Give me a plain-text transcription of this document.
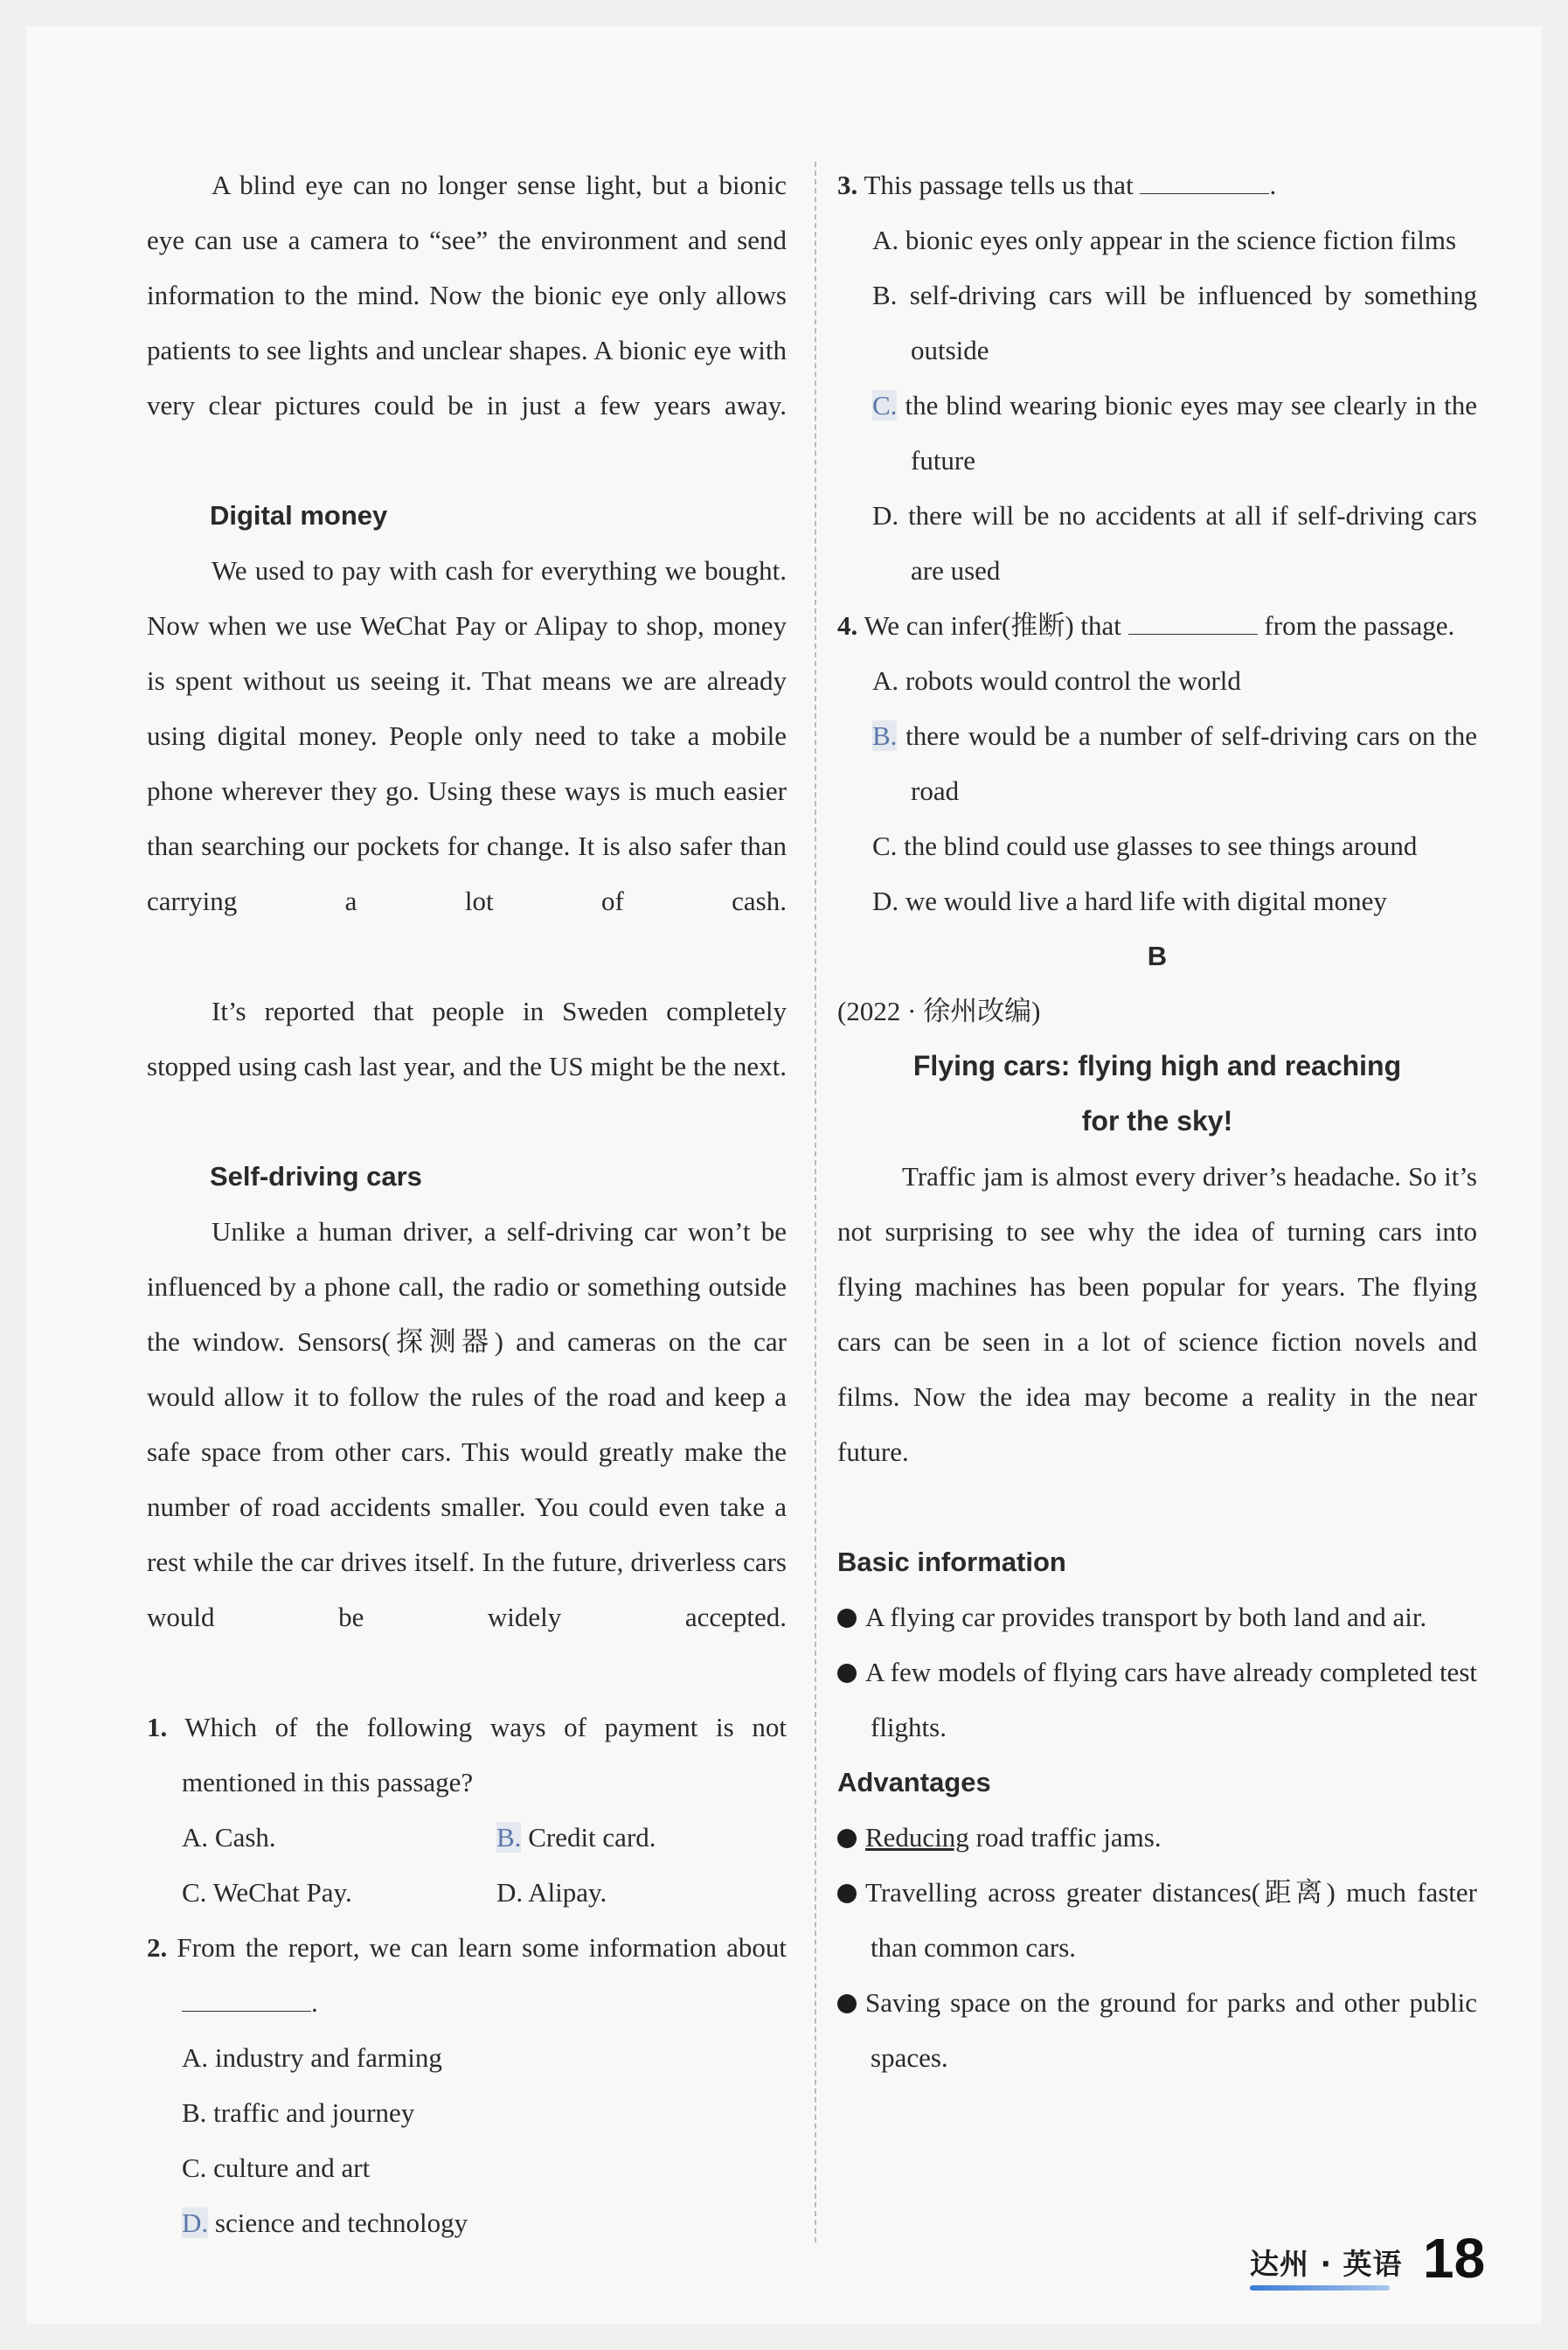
A blind eye can no longer sense light, but a bionic eye can use a camera to “see” the environment and send information to the mind. Now the bionic eye only allows patients to see lights and unclear shapes. A bionic eye with very clear pictures could be in just a few years away.

Digital money

We used to pay with cash for everything we bought. Now when we use WeChat Pay or Alipay to shop, money is spent without us seeing it. That means we are already using digital money. People only need to take a mobile phone wherever they go. Using these ways is much easier than searching our pockets for change. It is also safer than carrying a lot of cash.

It’s reported that people in Sweden completely stopped using cash last year, and the US might be the next.

Self-driving cars

Unlike a human driver, a self-driving car won’t be influenced by a phone call, the radio or something outside the window. Sensors(探测器) and cameras on the car would allow it to follow the rules of the road and keep a safe space from other cars. This would greatly make the number of road accidents smaller. You could even take a rest while the car drives itself. In the future, driverless cars would be widely accepted.

1. Which of the following ways of payment is not mentioned in this passage?

A. Cash.	B. Credit card.
C. WeChat Pay.	D. Alipay.

2. From the report, we can learn some information about .

A. industry and farming

B. traffic and journey

C. culture and art

D. science and technology

3. This passage tells us that	.

A. bionic eyes only appear in the science fiction films

B. self-driving cars will be influenced by something outside

C. the blind wearing bionic eyes may see clearly in the future

D. there will be no accidents at all if self-driving cars are used

4. We can infer(推断) that	from the passage.

A. robots would control the world

B. there would be a number of self-driving cars on the road

C. the blind could use glasses to see things around

D. we would live a hard life with digital money

B

(2022 · 徐州改编)

Flying cars: flying high and reaching

for the sky!

Traffic jam is almost every driver’s headache. So it’s not surprising to see why the idea of turning cars into flying machines has been popular for years. The flying cars can be seen in a lot of science fiction novels and films. Now the idea may become a reality in the near future.

Basic information

A flying car provides transport by both land and air.

A few models of flying cars have already completed test flights.

Advantages

Reducing road traffic jams.

Travelling across greater distances(距离) much faster than common cars.

Saving space on the ground for parks and other public spaces.

达州 · 英语 18
